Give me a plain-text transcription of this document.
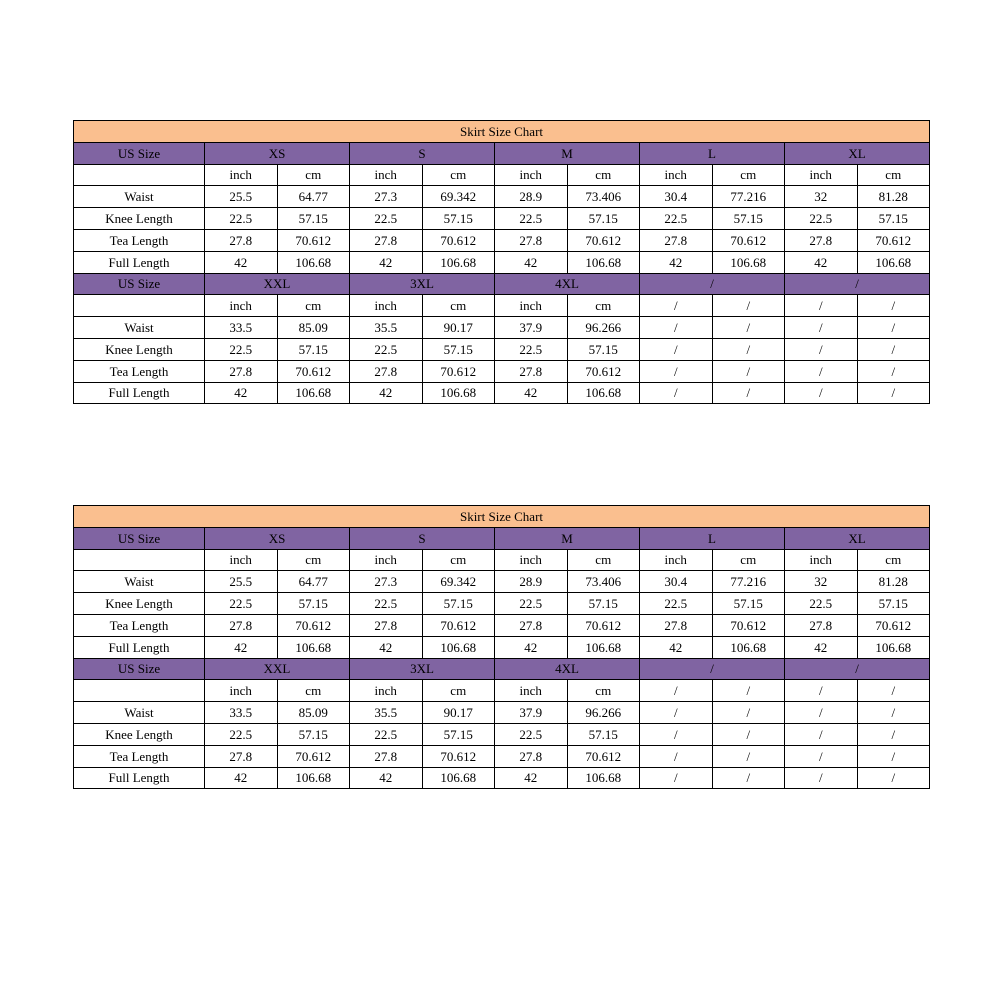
Skirt Size Chart										
US Size	XS		S		M		L		XL	
	inch	cm	inch	cm	inch	cm	inch	cm	inch	cm
Waist	25.5	64.77	27.3	69.342	28.9	73.406	30.4	77.216	32	81.28
Knee Length	22.5	57.15	22.5	57.15	22.5	57.15	22.5	57.15	22.5	57.15
Tea Length	27.8	70.612	27.8	70.612	27.8	70.612	27.8	70.612	27.8	70.612
Full Length	42	106.68	42	106.68	42	106.68	42	106.68	42	106.68
US Size	XXL		3XL		4XL		/		/	
	inch	cm	inch	cm	inch	cm	/	/	/	/
Waist	33.5	85.09	35.5	90.17	37.9	96.266	/	/	/	/
Knee Length	22.5	57.15	22.5	57.15	22.5	57.15	/	/	/	/
Tea Length	27.8	70.612	27.8	70.612	27.8	70.612	/	/	/	/
Full Length	42	106.68	42	106.68	42	106.68	/	/	/	/
Skirt Size Chart										
US Size	XS		S		M		L		XL	
	inch	cm	inch	cm	inch	cm	inch	cm	inch	cm
Waist	25.5	64.77	27.3	69.342	28.9	73.406	30.4	77.216	32	81.28
Knee Length	22.5	57.15	22.5	57.15	22.5	57.15	22.5	57.15	22.5	57.15
Tea Length	27.8	70.612	27.8	70.612	27.8	70.612	27.8	70.612	27.8	70.612
Full Length	42	106.68	42	106.68	42	106.68	42	106.68	42	106.68
US Size	XXL		3XL		4XL		/		/	
	inch	cm	inch	cm	inch	cm	/	/	/	/
Waist	33.5	85.09	35.5	90.17	37.9	96.266	/	/	/	/
Knee Length	22.5	57.15	22.5	57.15	22.5	57.15	/	/	/	/
Tea Length	27.8	70.612	27.8	70.612	27.8	70.612	/	/	/	/
Full Length	42	106.68	42	106.68	42	106.68	/	/	/	/
